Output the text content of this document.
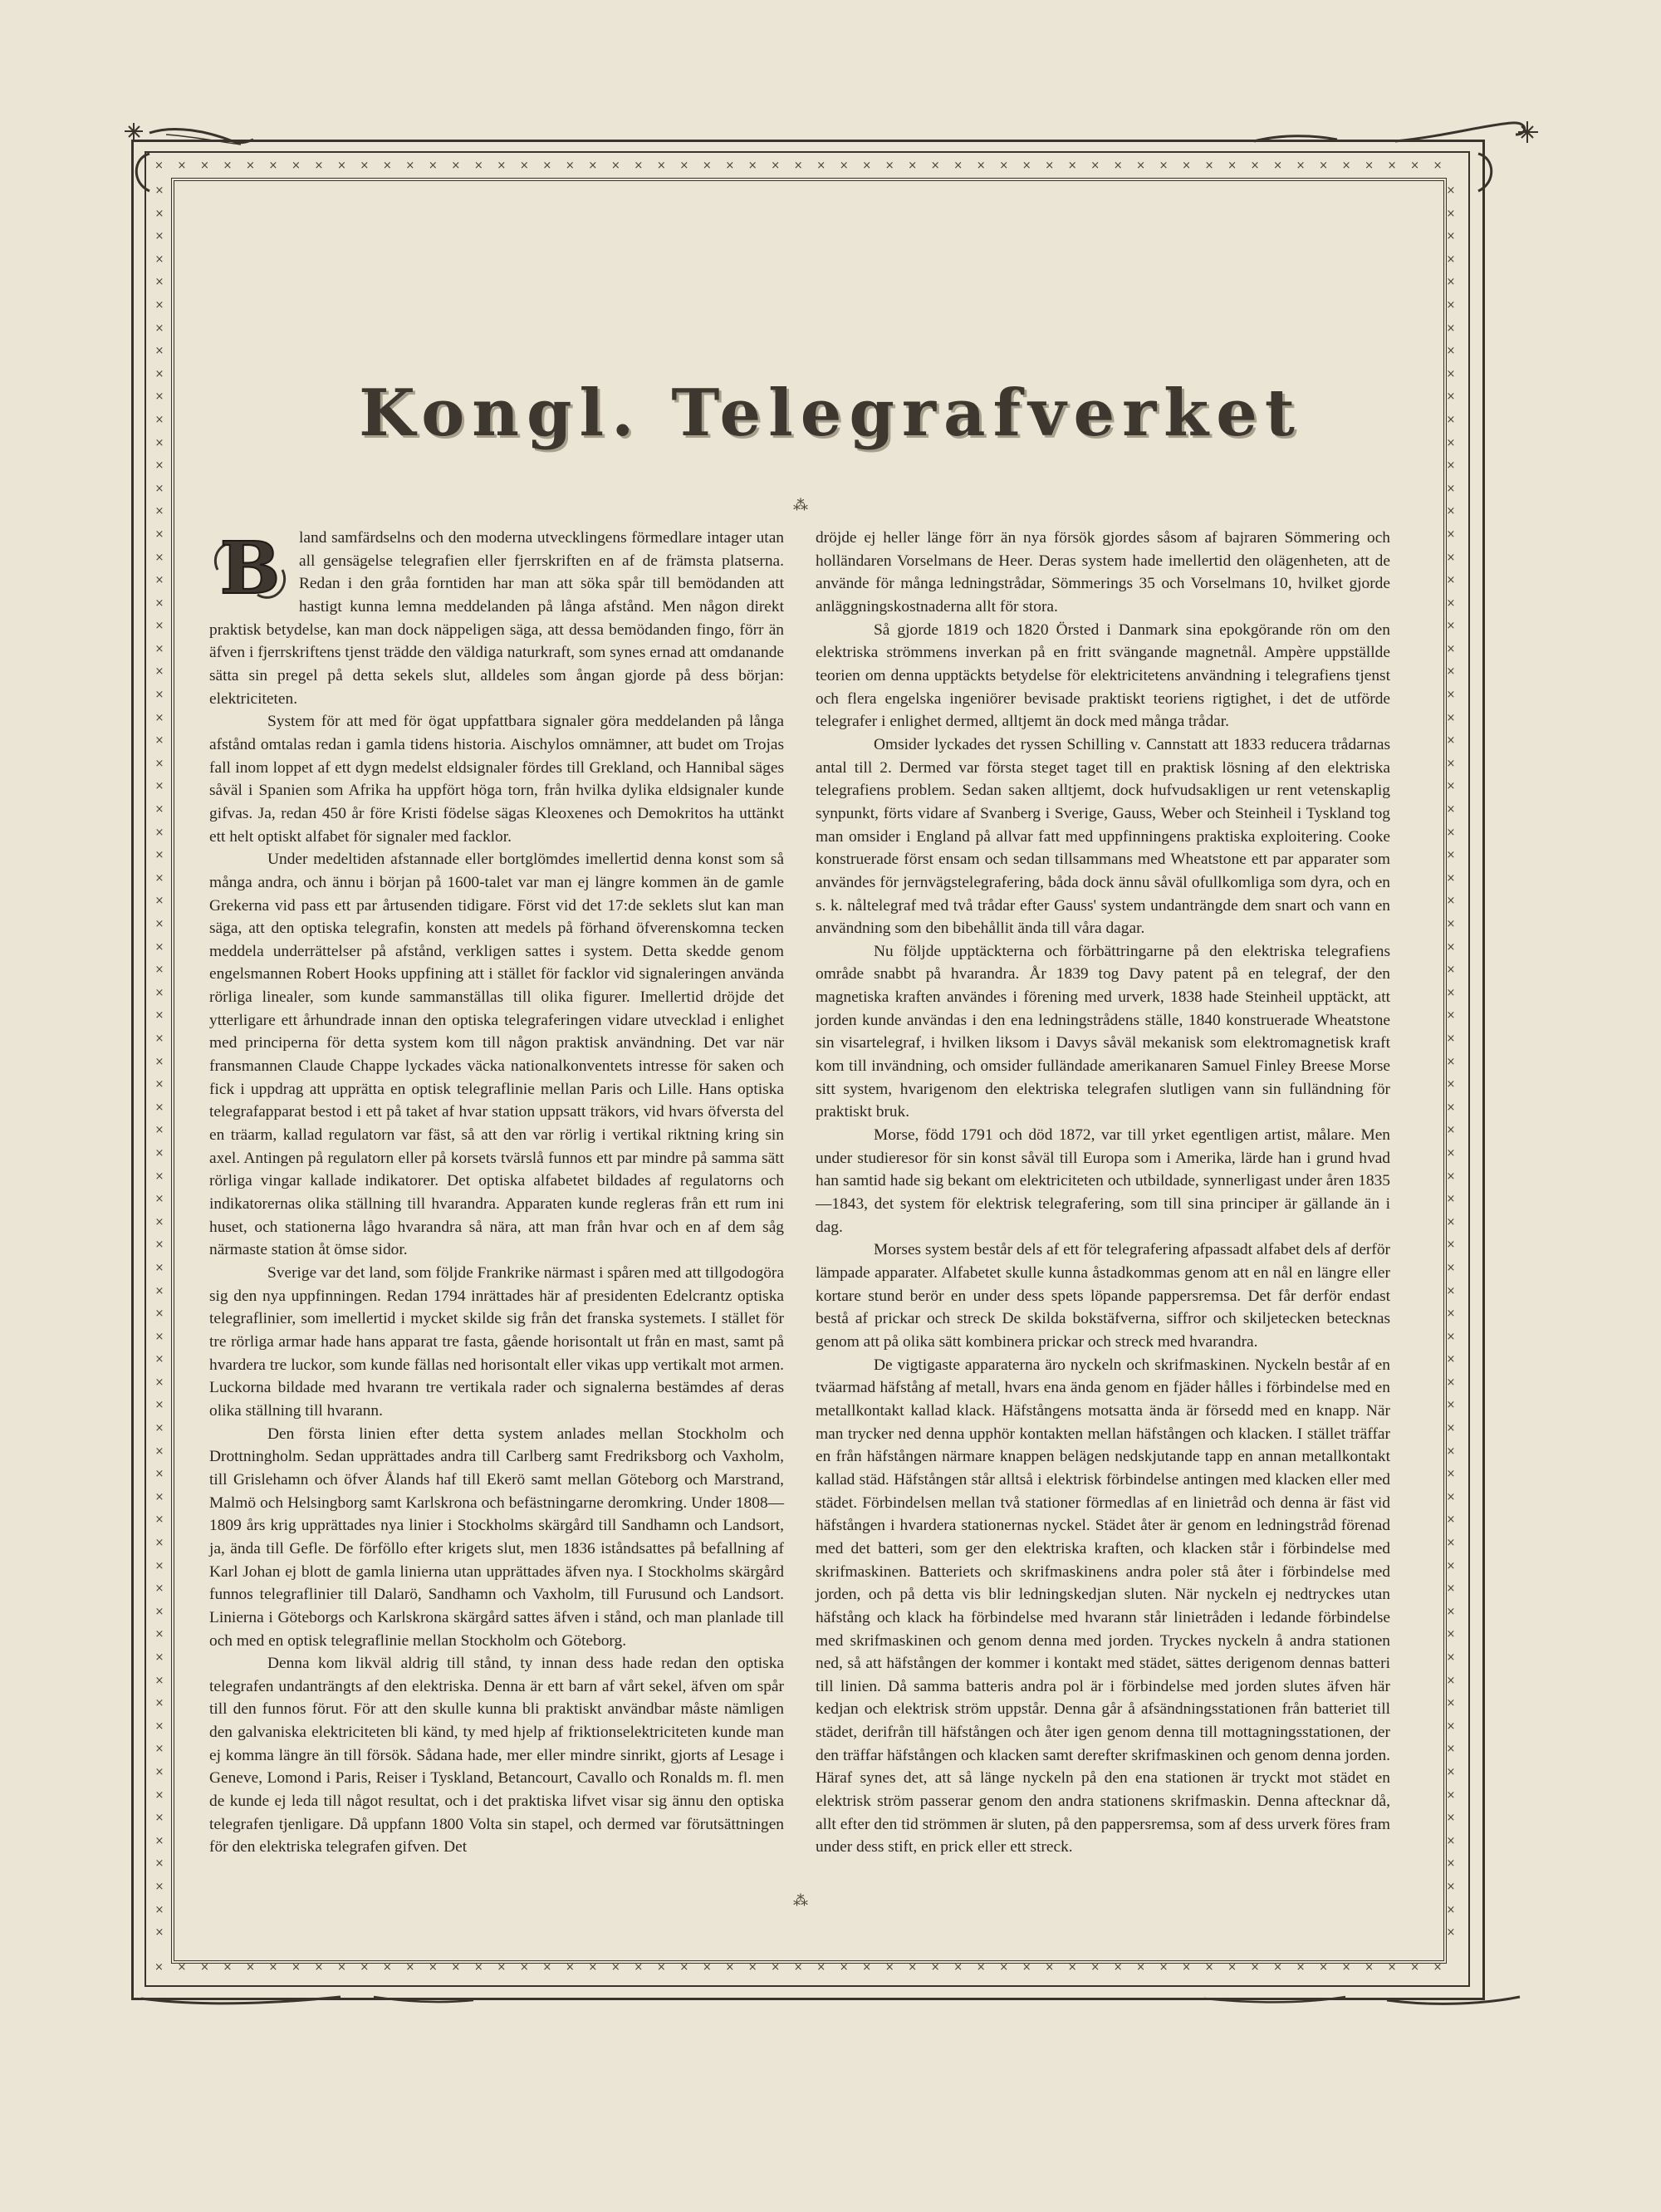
×××××××××××××××××××××××××××××××××××××××××××××××××××××××××
×××××××××××××××××××××××××××××××××××××××××××××××××××××××××
×
×
×
×
×
×
×
×
×
×
×
×
×
×
×
×
×
×
×
×
×
×
×
×
×
×
×
×
×
×
×
×
×
×
×
×
×
×
×
×
×
×
×
×
×
×
×
×
×
×
×
×
×
×
×
×
×
×
×
×
×
×
×
×
×
×
×
×
×
×
×
×
×
×
×
×
×
×
×
×
×
×
×
×
×
×
×
×
×
×
×
×
×
×
×
×
×
×
×
×
×
×
×
×
×
×
×
×
×
×
×
×
×
×
×
×
×
×
×
×
×
×
×
×
×
×
×
×
×
×
×
×
×
×
×
×
×
×
×
×
×
×
×
×
×
×
×
×
×
×
×
×
×
×
Kongl. Telegrafverket
⁂
⁂

B land samfärdselns och den moderna utvecklingens förmedlare intager utan all gensägelse telegrafien eller fjerrskriften en af de främsta platserna. Redan i den gråa forntiden har man att söka spår till bemödanden att hastigt kunna lemna meddelanden på långa afstånd. Men någon direkt praktisk betydelse, kan man dock näppeligen säga, att dessa bemödanden fingo, förr än äfven i fjerrskriftens tjenst trädde den väldiga naturkraft, som synes ernad att omdanande sätta sin pregel på detta sekels slut, alldeles som ångan gjorde på dess början: elektriciteten.

System för att med för ögat uppfattbara signaler göra meddelanden på långa afstånd omtalas redan i gamla tidens historia. Aischylos omnämner, att budet om Trojas fall inom loppet af ett dygn medelst eldsignaler fördes till Grekland, och Hannibal säges såväl i Spanien som Afrika ha uppfört höga torn, från hvilka dylika eldsignaler kunde gifvas. Ja, redan 450 år före Kristi födelse sägas Kleoxenes och Demokritos ha uttänkt ett helt optiskt alfabet för signaler med facklor.

Under medeltiden afstannade eller bortglömdes imellertid denna konst som så många andra, och ännu i början på 1600-talet var man ej längre kommen än de gamle Grekerna vid pass ett par årtusenden tidigare. Först vid det 17:de seklets slut kan man säga, att den optiska telegrafin, konsten att medels på förhand öfverenskomna tecken meddela underrättelser på afstånd, verkligen sattes i system. Detta skedde genom engelsmannen Robert Hooks uppfining att i stället för facklor vid signaleringen använda rörliga linealer, som kunde sammanställas till olika figurer. Imellertid dröjde det ytterligare ett århundrade innan den optiska telegraferingen vidare utvecklad i enlighet med principerna för detta system kom till någon praktisk användning. Det var när fransmannen Claude Chappe lyckades väcka nationalkonventets intresse för saken och fick i uppdrag att upprätta en optisk telegraflinie mellan Paris och Lille. Hans optiska telegrafapparat bestod i ett på taket af hvar station uppsatt träkors, vid hvars öfversta del en träarm, kallad regulatorn var fäst, så att den var rörlig i vertikal riktning kring sin axel. Antingen på regulatorn eller på korsets tvärslå funnos ett par mindre på samma sätt rörliga vingar kallade indikatorer. Det optiska alfabetet bildades af regulatorns och indikatorernas olika ställning till hvarandra. Apparaten kunde regleras från ett rum ini huset, och stationerna lågo hvarandra så nära, att man från hvar och en af dem såg närmaste station åt ömse sidor.

Sverige var det land, som följde Frankrike närmast i spåren med att tillgodogöra sig den nya uppfinningen. Redan 1794 inrättades här af presidenten Edelcrantz optiska telegraflinier, som imellertid i mycket skilde sig från det franska systemets. I stället för tre rörliga armar hade hans apparat tre fasta, gående horisontalt ut från en mast, samt på hvardera tre luckor, som kunde fällas ned horisontalt eller vikas upp vertikalt mot armen. Luckorna bildade med hvarann tre vertikala rader och signalerna bestämdes af deras olika ställning till hvarann.

Den första linien efter detta system anlades mellan Stockholm och Drottningholm. Sedan upprättades andra till Carlberg samt Fredriksborg och Vaxholm, till Grislehamn och öfver Ålands haf till Ekerö samt mellan Göteborg och Marstrand, Malmö och Helsingborg samt Karlskrona och befästningarne deromkring. Under 1808—1809 års krig upprättades nya linier i Stockholms skärgård till Sandhamn och Landsort, ja, ända till Gefle. De förföllo efter krigets slut, men 1836 iståndsattes på befallning af Karl Johan ej blott de gamla linierna utan upprättades äfven nya. I Stockholms skärgård funnos telegraflinier till Dalarö, Sandhamn och Vaxholm, till Furusund och Landsort. Linierna i Göteborgs och Karlskrona skärgård sattes äfven i stånd, och man planlade till och med en optisk telegraflinie mellan Stockholm och Göteborg.

Denna kom likväl aldrig till stånd, ty innan dess hade redan den optiska telegrafen undanträngts af den elektriska. Denna är ett barn af vårt sekel, äfven om spår till den funnos förut. För att den skulle kunna bli praktiskt användbar måste nämligen den galvaniska elektriciteten bli känd, ty med hjelp af friktionselektriciteten kunde man ej komma längre än till försök. Sådana hade, mer eller mindre sinrikt, gjorts af Lesage i Geneve, Lomond i Paris, Reiser i Tyskland, Betancourt, Cavallo och Ronalds m. fl. men de kunde ej leda till något resultat, och i det praktiska lifvet visar sig ännu den optiska telegrafen tjenligare. Då uppfann 1800 Volta sin stapel, och dermed var förutsättningen för den elektriska telegrafen gifven. Det

dröjde ej heller länge förr än nya försök gjordes såsom af bajraren Sömmering och holländaren Vorselmans de Heer. Deras system hade imellertid den olägenheten, att de använde för många ledningstrådar, Sömmerings 35 och Vorselmans 10, hvilket gjorde anläggningskostnaderna allt för stora.

Så gjorde 1819 och 1820 Örsted i Danmark sina epokgörande rön om den elektriska strömmens inverkan på en fritt svängande magnetnål. Ampère uppställde teorien om denna upptäckts betydelse för elektricitetens användning i telegrafiens tjenst och flera engelska ingeniörer bevisade praktiskt teoriens rigtighet, i det de utförde telegrafer i enlighet dermed, alltjemt än dock med många trådar.

Omsider lyckades det ryssen Schilling v. Cannstatt att 1833 reducera trådarnas antal till 2. Dermed var första steget taget till en praktisk lösning af den elektriska telegrafiens problem. Sedan saken alltjemt, dock hufvudsakligen ur rent vetenskaplig synpunkt, förts vidare af Svanberg i Sverige, Gauss, Weber och Steinheil i Tyskland tog man omsider i England på allvar fatt med uppfinningens praktiska exploitering. Cooke konstruerade först ensam och sedan tillsammans med Wheatstone ett par apparater som användes för jernvägstelegrafering, båda dock ännu såväl ofullkomliga som dyra, och en s. k. nåltelegraf med två trådar efter Gauss' system undanträngde dem snart och vann en användning som den bibehållit ända till våra dagar.

Nu följde upptäckterna och förbättringarne på den elektriska telegrafiens område snabbt på hvarandra. År 1839 tog Davy patent på en telegraf, der den magnetiska kraften användes i förening med urverk, 1838 hade Steinheil upptäckt, att jorden kunde användas i den ena ledningstrådens ställe, 1840 konstruerade Wheatstone sin visartelegraf, i hvilken liksom i Davys såväl mekanisk som elektromagnetisk kraft kom till invändning, och omsider fulländade amerikanaren Samuel Finley Breese Morse sitt system, hvarigenom den elektriska telegrafen slutligen vann sin fulländning för praktiskt bruk.

Morse, född 1791 och död 1872, var till yrket egentligen artist, målare. Men under studieresor för sin konst såväl till Europa som i Amerika, lärde han i grund hvad han samtid hade sig bekant om elektriciteten och utbildade, synnerligast under åren 1835—1843, det system för elektrisk telegrafering, som till sina principer är gällande än i dag.

Morses system består dels af ett för telegrafering afpassadt alfabet dels af derför lämpade apparater. Alfabetet skulle kunna åstadkommas genom att en nål en längre eller kortare stund berör en under dess spets löpande pappersremsa. Det får derför endast bestå af prickar och streck De skilda bokstäfverna, siffror och skiljetecken betecknas genom att på olika sätt kombinera prickar och streck med hvarandra.

De vigtigaste apparaterna äro nyckeln och skrifmaskinen. Nyckeln består af en tväarmad häfstång af metall, hvars ena ända genom en fjäder hålles i förbindelse med en metallkontakt kallad klack. Häfstångens motsatta ända är försedd med en knapp. När man trycker ned denna upphör kontakten mellan häfstången och klacken. I stället träffar en från häfstången närmare knappen belägen nedskjutande tapp en annan metallkontakt kallad städ. Häfstången står alltså i elektrisk förbindelse antingen med klacken eller med städet. Förbindelsen mellan två stationer förmedlas af en linietråd och denna är fäst vid häfstången i hvardera stationernas nyckel. Städet åter är genom en ledningstråd förenad med det batteri, som ger den elektriska kraften, och klacken står i förbindelse med skrifmaskinen. Batteriets och skrifmaskinens andra poler stå åter i förbindelse med jorden, och på detta vis blir ledningskedjan sluten. När nyckeln ej nedtryckes utan häfstång och klack ha förbindelse med hvarann står linietråden i ledande förbindelse med skrifmaskinen och genom denna med jorden. Tryckes nyckeln å andra stationen ned, så att häfstången der kommer i kontakt med städet, sättes derigenom dennas batteri till linien. Då samma batteris andra pol är i förbindelse med jorden slutes äfven här kedjan och elektrisk ström uppstår. Denna går å afsändningsstationen från batteriet till städet, derifrån till häfstången och åter igen genom denna till mottagningsstationen, der den träffar häfstången och klacken samt derefter skrifmaskinen och genom denna jorden. Häraf synes det, att så länge nyckeln på den ena stationen är tryckt mot städet en elektrisk ström passerar genom den andra stationens skrifmaskin. Denna aftecknar då, allt efter den tid strömmen är sluten, på den pappersremsa, som af dess urverk föres fram under dess stift, en prick eller ett streck.
